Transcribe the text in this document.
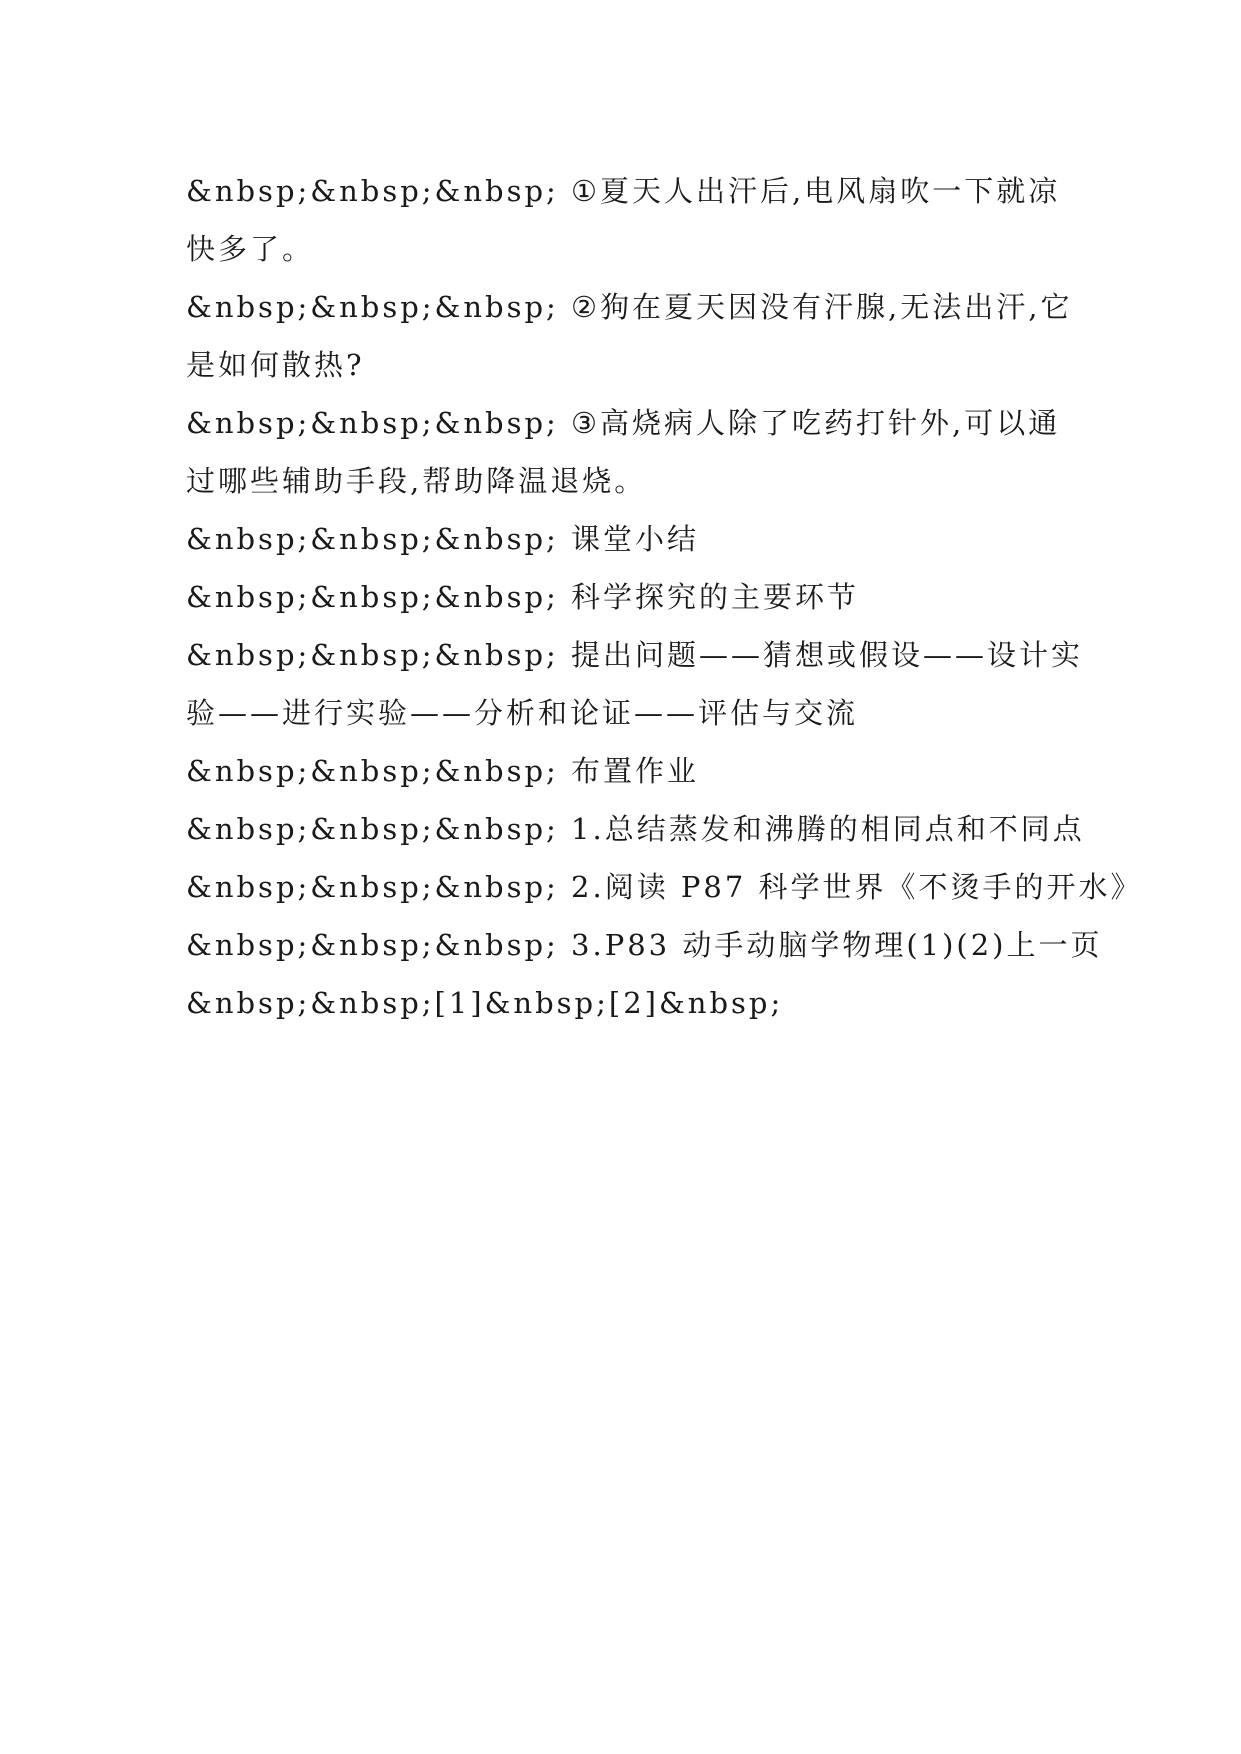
&nbsp;&nbsp;&nbsp; ①夏天人出汗后,电风扇吹一下就凉
快多了。
&nbsp;&nbsp;&nbsp; ②狗在夏天因没有汗腺,无法出汗,它
是如何散热?
&nbsp;&nbsp;&nbsp; ③高烧病人除了吃药打针外,可以通
过哪些辅助手段,帮助降温退烧。
&nbsp;&nbsp;&nbsp; 课堂小结
&nbsp;&nbsp;&nbsp; 科学探究的主要环节
&nbsp;&nbsp;&nbsp; 提出问题——猜想或假设——设计实
验——进行实验——分析和论证——评估与交流
&nbsp;&nbsp;&nbsp; 布置作业
&nbsp;&nbsp;&nbsp; 1.总结蒸发和沸腾的相同点和不同点
&nbsp;&nbsp;&nbsp; 2.阅读 P87 科学世界《不烫手的开水》
&nbsp;&nbsp;&nbsp; 3.P83 动手动脑学物理(1)(2)上一页
&nbsp;&nbsp;[1]&nbsp;[2]&nbsp;
